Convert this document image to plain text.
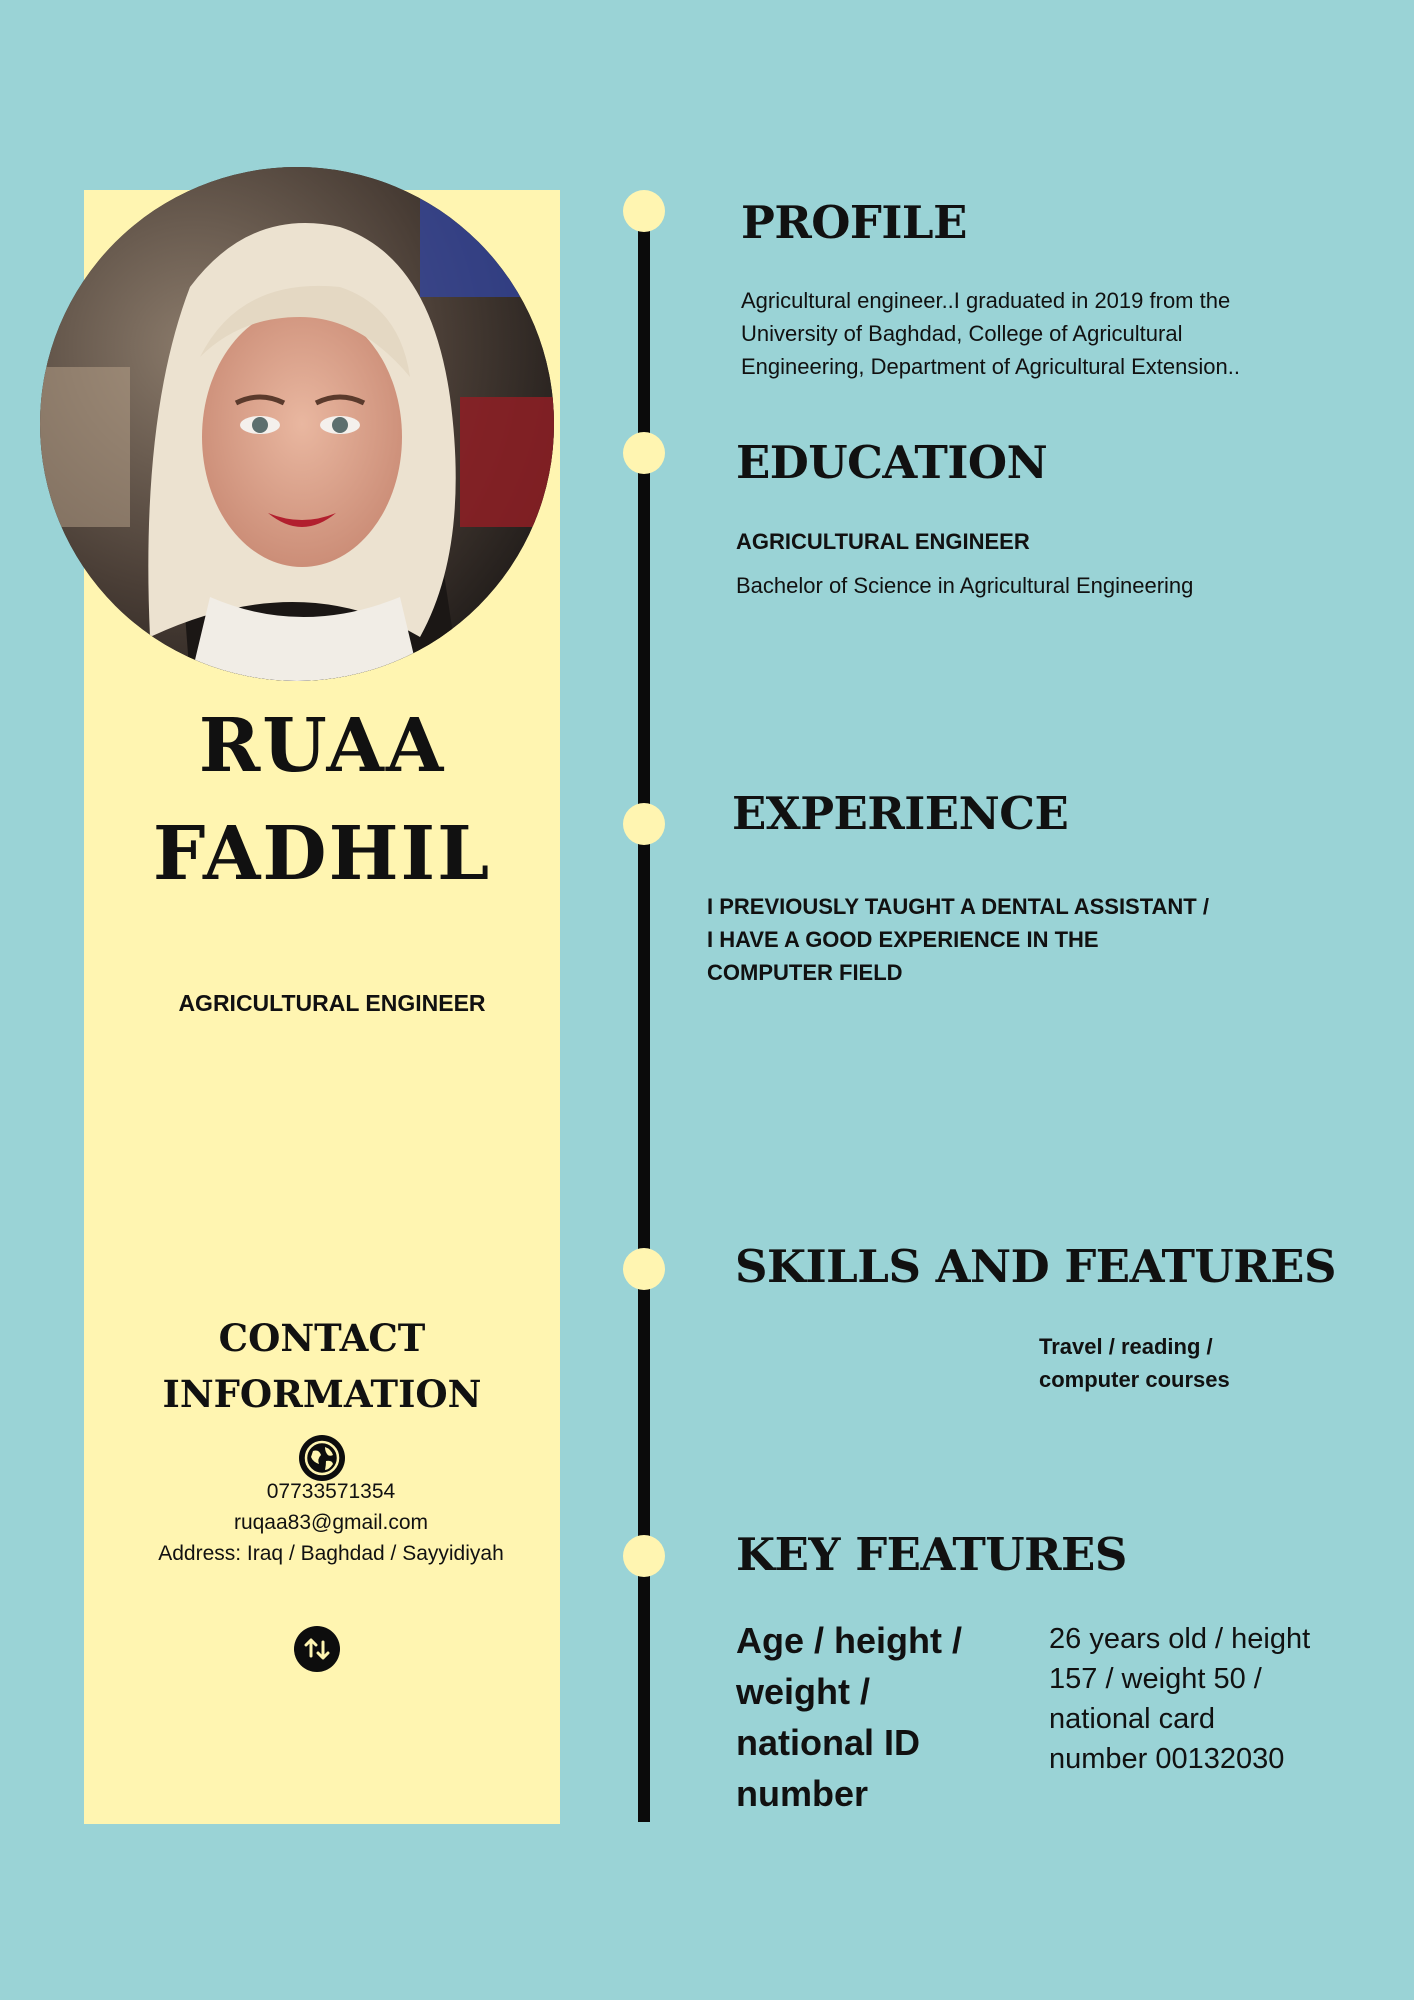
RUAA
FADHIL
AGRICULTURAL ENGINEER
CONTACT
INFORMATION
07733571354
ruqaa83@gmail.com
Address: Iraq / Baghdad / Sayyidiyah
PROFILE
Agricultural engineer..I graduated in 2019 from the
University of Baghdad, College of Agricultural
Engineering, Department of Agricultural Extension..
EDUCATION
AGRICULTURAL ENGINEER
Bachelor of Science in Agricultural Engineering
EXPERIENCE
I PREVIOUSLY TAUGHT A DENTAL ASSISTANT /
I HAVE A GOOD EXPERIENCE IN THE
COMPUTER FIELD
SKILLS AND FEATURES
Travel / reading /
computer courses
KEY FEATURES
Age / height /
weight /
national ID
number
26 years old / height
157 / weight 50 /
national card
number 00132030
